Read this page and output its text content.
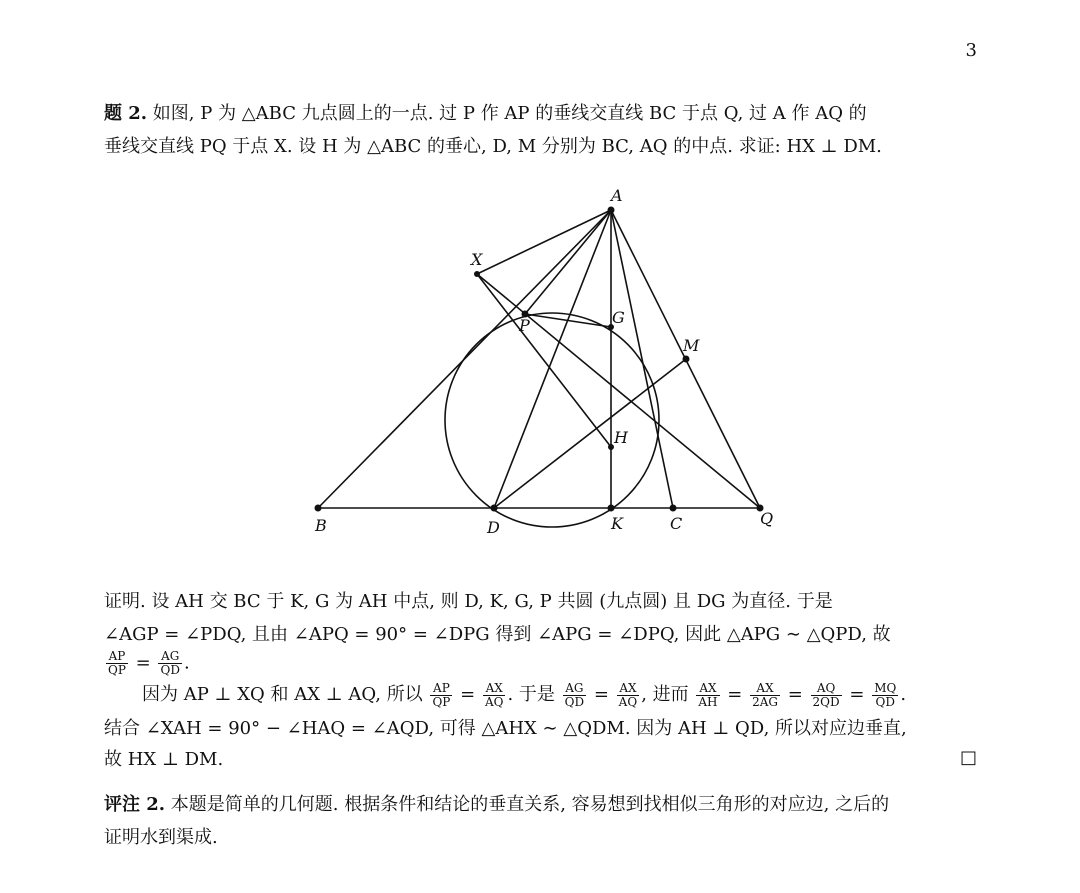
3
题 2. 如图, P 为 △ABC 九点圆上的一点. 过 P 作 AP 的垂线交直线 BC 于点 Q, 过 A 作 AQ 的
垂线交直线 PQ 于点 X. 设 H 为 △ABC 的垂心, D, M 分别为 BC, AQ 的中点. 求证: HX ⊥ DM.
A
X
P	G
M
H
B	D	K	C	Q
证明. 设 AH 交 BC 于 K, G 为 AH 中点, 则 D, K, G, P 共圆 (九点圆) 且 DG 为直径. 于是
∠AGP = ∠PDQ, 且由 ∠APQ = 90° = ∠DPG 得到 ∠APG = ∠DPQ, 因此 △APG ∼ △QPD, 故
$\frac{AP}{QP} = \frac{AG}{QD}$ .
因为 AP ⊥ XQ 和 AX ⊥ AQ, 所以 $\frac{AP}{QP} = \frac{AX}{AQ}$ . 于是 $\frac{AG}{QD} = \frac{AX}{AQ}$ , 进而 $\frac{AX}{AH} = \frac{AX}{2AG} = \frac{AQ}{2QD} = \frac{MQ}{QD}$ .
结合 ∠XAH = 90° − ∠HAQ = ∠AQD, 可得 △AHX ∼ △QDM. 因为 AH ⊥ QD, 所以对应边垂直,
故 HX ⊥ DM.	□
评注 2. 本题是简单的几何题. 根据条件和结论的垂直关系, 容易想到找相似三角形的对应边, 之后的
证明水到渠成.
